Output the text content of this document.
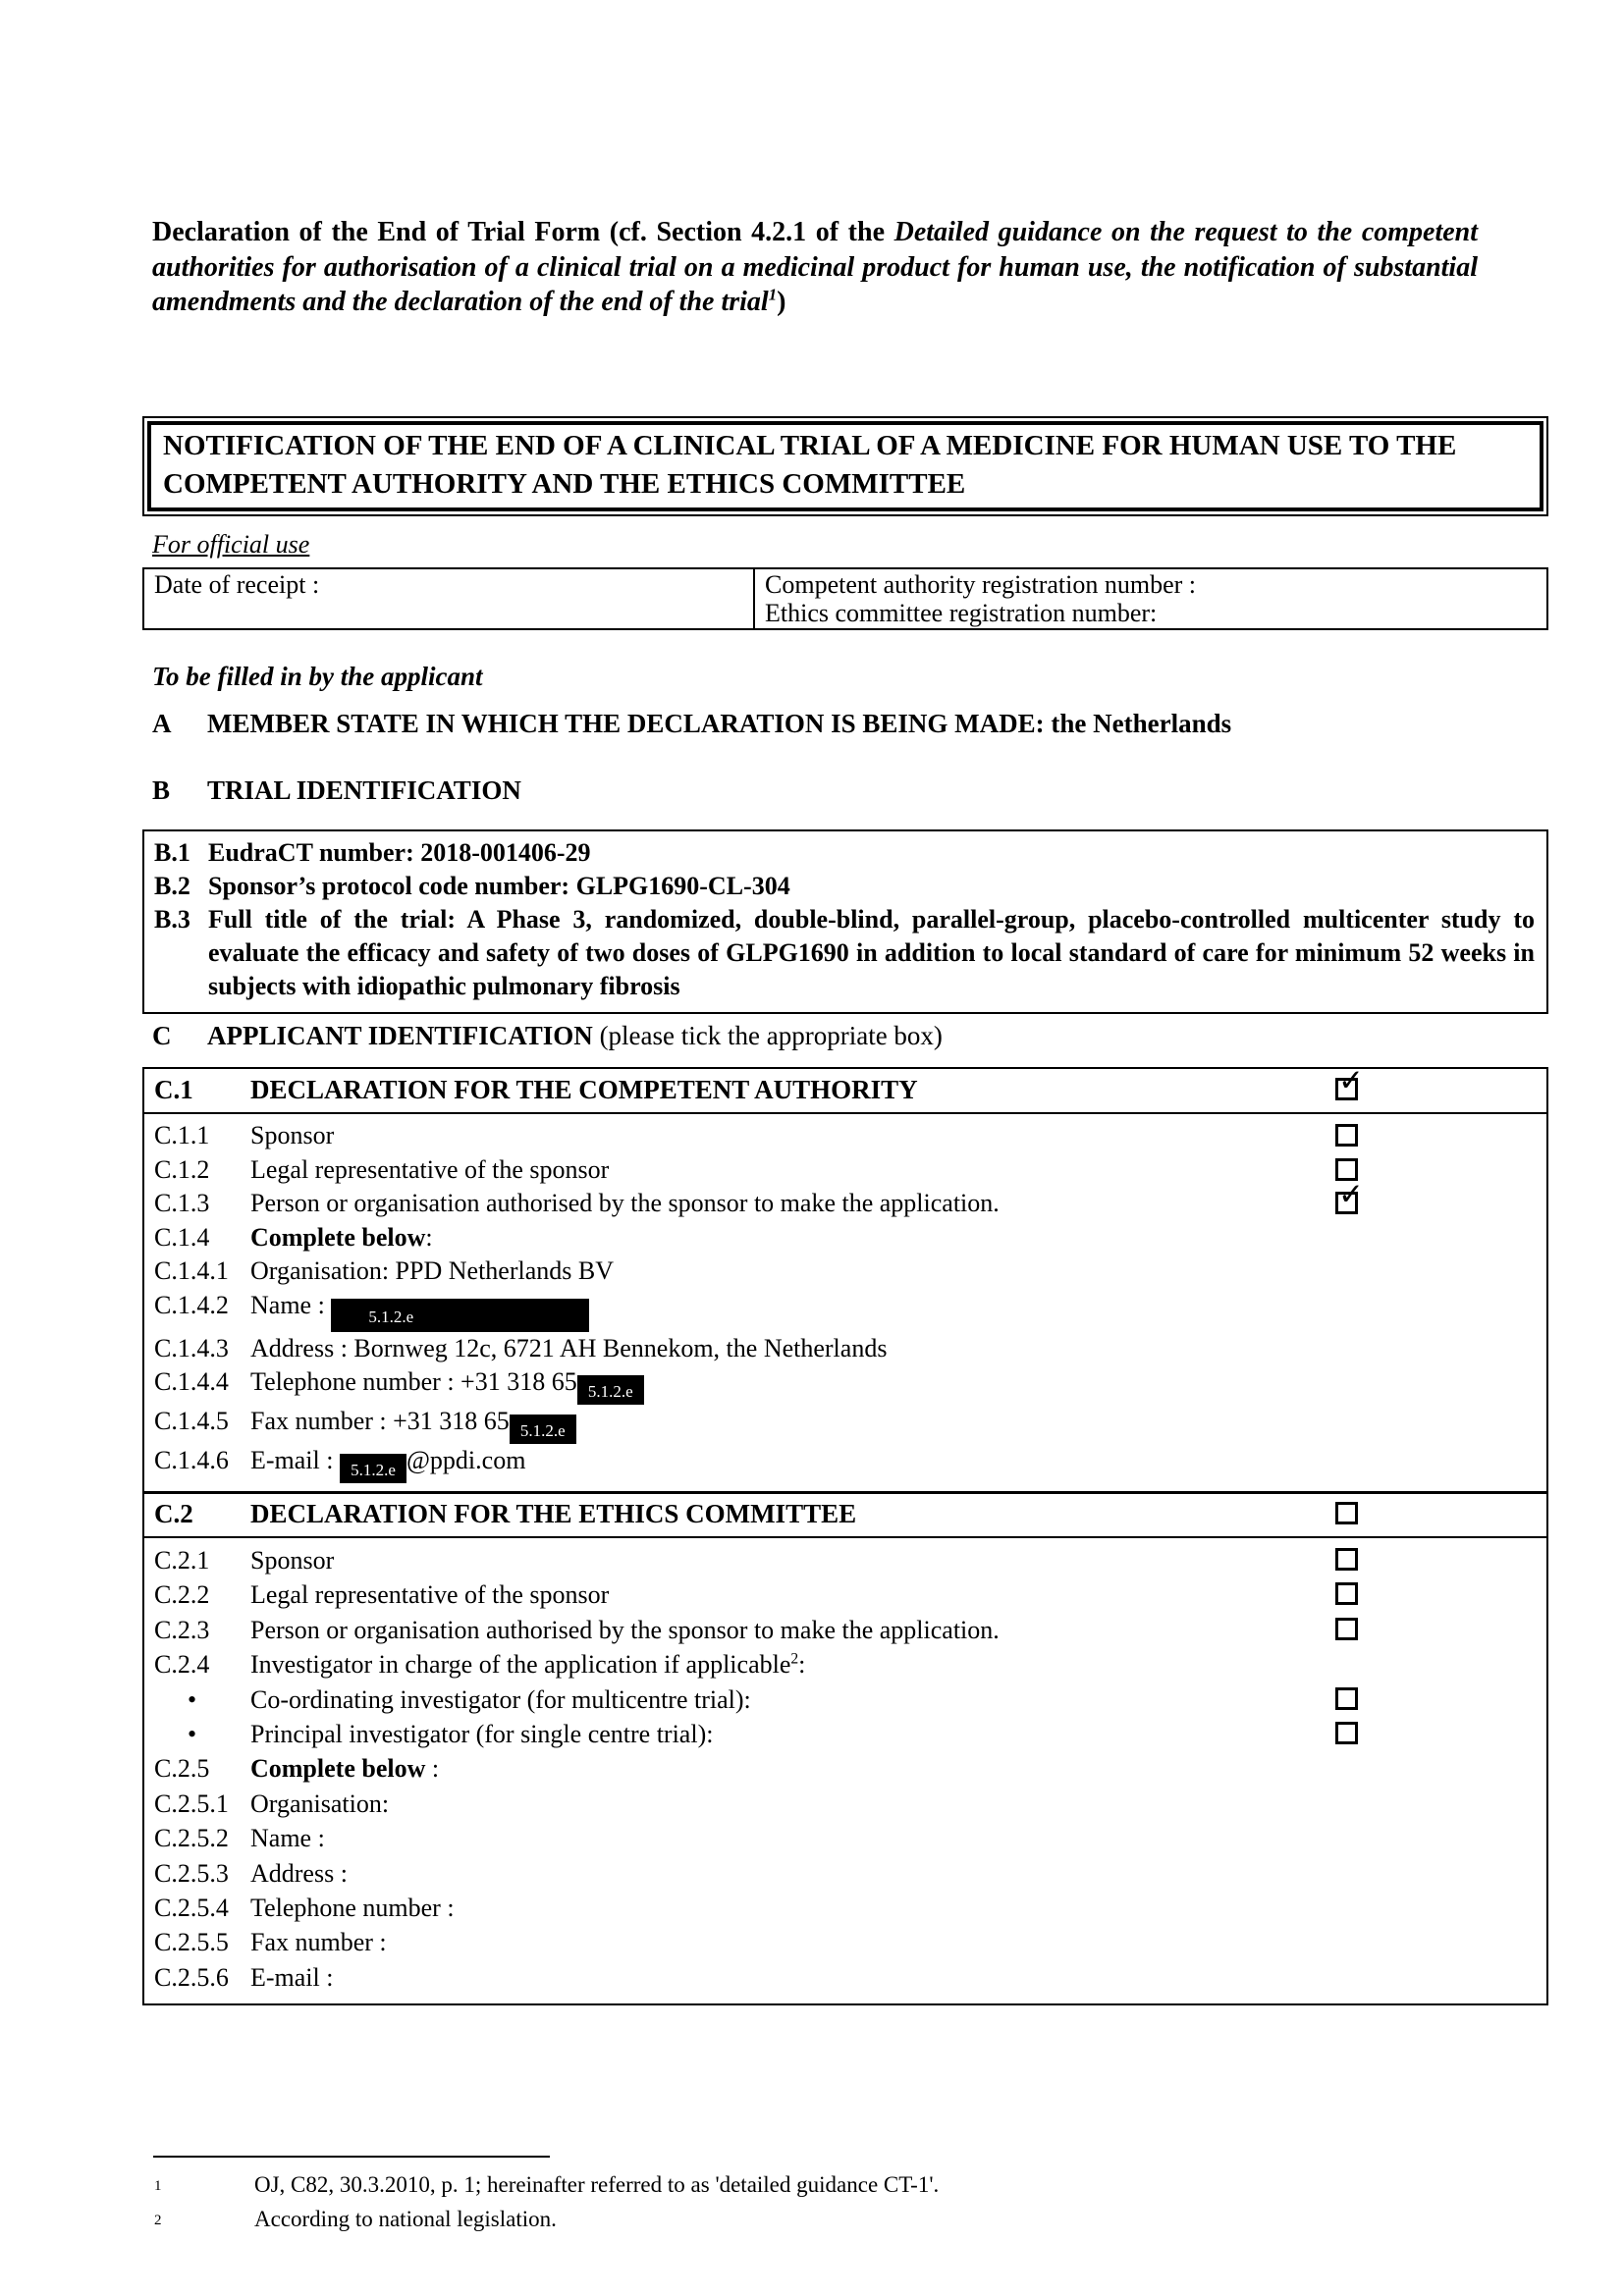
Declaration of the End of Trial Form (cf. Section 4.2.1 of the Detailed guidance on the request to the competent authorities for authorisation of a clinical trial on a medicinal product for human use, the notification of substantial amendments and the declaration of the end of the trial$^1$)

NOTIFICATION OF THE END OF A CLINICAL TRIAL OF A MEDICINE FOR HUMAN USE TO THE COMPETENT AUTHORITY AND THE ETHICS COMMITTEE
For official use
Date of receipt :	Competent authority registration number :
Ethics committee registration number:
To be filled in by the applicant
A	MEMBER STATE IN WHICH THE DECLARATION IS BEING MADE: the Netherlands
B	TRIAL IDENTIFICATION
B.1 EudraCT number: 2018-001406-29
B.2 Sponsor’s protocol code number: GLPG1690-CL-304
B.3 Full title of the trial: A Phase 3, randomized, double-blind, parallel-group, placebo-controlled multicenter study to evaluate the efficacy and safety of two doses of GLPG1690 in addition to local standard of care for minimum 52 weeks in subjects with idiopathic pulmonary fibrosis
C	APPLICANT IDENTIFICATION (please tick the appropriate box)
C.1	DECLARATION FOR THE COMPETENT AUTHORITY
✓
C.1.1	Sponsor
C.1.2	Legal representative of the sponsor
C.1.3	Person or organisation authorised by the sponsor to make the application.
✓
C.1.4	Complete below:
C.1.4.1 Organisation: PPD Netherlands BV
C.1.4.2 Name :	5.1.2.e
C.1.4.3 Address : Bornweg 12c, 6721 AH Bennekom, the Netherlands
C.1.4.4 Telephone number : +31 318 65 5.1.2.e
C.1.4.5 Fax number : +31 318 65 5.1.2.e
C.1.4.6 E-mail : 5.1.2.e @ppdi.com
C.2	DECLARATION FOR THE ETHICS COMMITTEE
C.2.1	Sponsor
C.2.2	Legal representative of the sponsor
C.2.3	Person or organisation authorised by the sponsor to make the application.
C.2.4	Investigator in charge of the application if applicable$^2$:
•	Co-ordinating investigator (for multicentre trial):
•	Principal investigator (for single centre trial):
C.2.5	Complete below :
C.2.5.1 Organisation:
C.2.5.2 Name :
C.2.5.3 Address :
C.2.5.4 Telephone number :
C.2.5.5 Fax number :
C.2.5.6 E-mail :
1	OJ, C82, 30.3.2010, p. 1; hereinafter referred to as 'detailed guidance CT-1'.
2	According to national legislation.
